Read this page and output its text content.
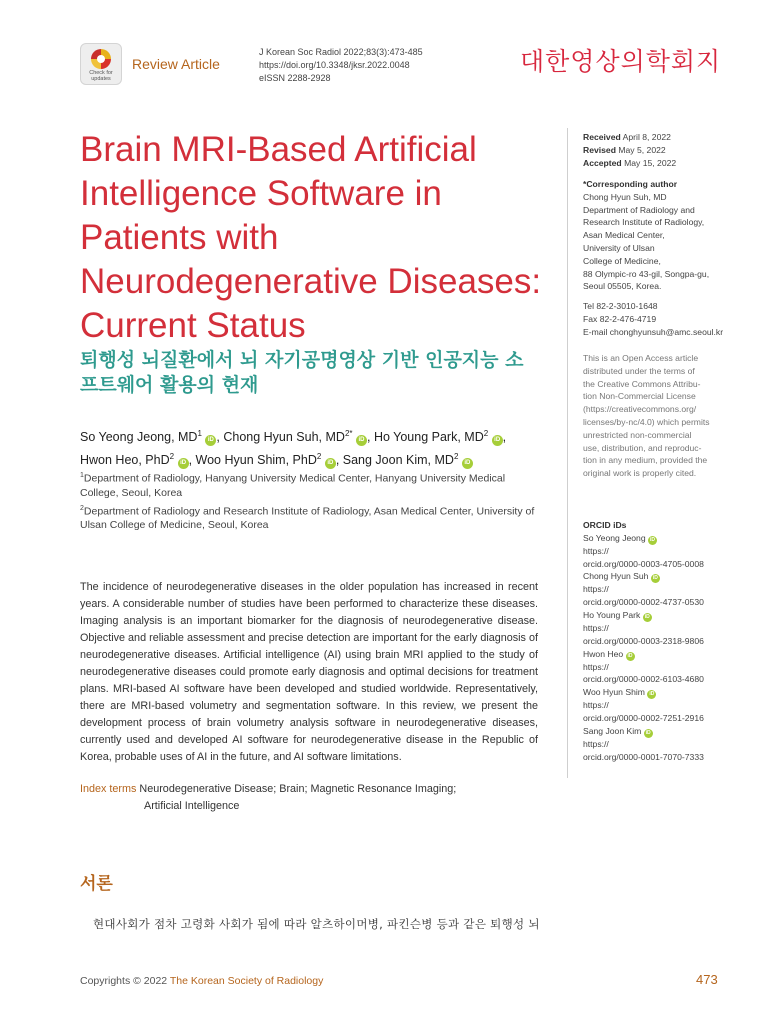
Check for updates
Review Article
J Korean Soc Radiol 2022;83(3):473-485
https://doi.org/10.3348/jksr.2022.0048
eISSN 2288-2928
대한영상의학회지
Brain MRI-Based Artificial Intelligence Software in Patients with Neurodegenerative Diseases: Current Status
퇴행성 뇌질환에서 뇌 자기공명영상 기반 인공지능 소프트웨어 활용의 현재
So Yeong Jeong, $MD^1$ iD , Chong Hyun Suh, $MD^{2*}$ iD , Ho Young Park, $MD^2$ iD ,
Hwon Heo, PhD$^2$ iD , Woo Hyun Shim, PhD$^2$ iD , Sang Joon Kim, $MD^2$ iD
$^1$Department of Radiology, Hanyang University Medical Center, Hanyang University Medical College, Seoul, Korea
$^2$Department of Radiology and Research Institute of Radiology, Asan Medical Center, University of Ulsan College of Medicine, Seoul, Korea

The incidence of neurodegenerative diseases in the older population has increased in recent years. A considerable number of studies have been performed to characterize these diseases. Imaging analysis is an important biomarker for the diagnosis of neurodegenerative disease. Objective and reliable assessment and precise detection are important for the early diagnosis of neurodegenerative diseases. Artificial intelligence (AI) using brain MRI applied to the study of neurodegenerative diseases could promote early diagnosis and optimal decisions for treatment plans. MRI-based AI software have been developed and studied worldwide. Representatively, there are MRI-based volumetry and segmentation software. In this review, we present the development process of brain volumetry analysis software in neurodegenerative diseases, currently used and developed AI software for neurodegenerative disease in the Republic of Korea, probable uses of AI in the future, and AI software limitations.

Index terms Neurodegenerative Disease; Brain; Magnetic Resonance Imaging;
Artificial Intelligence
서론
현대사회가 점차 고령화 사회가 됨에 따라 알츠하이머병, 파킨슨병 등과 같은 퇴행성 뇌
Copyrights © 2022 The Korean Society of Radiology	473
Received April 8, 2022
Revised May 5, 2022
Accepted May 15, 2022
*Corresponding author
Chong Hyun Suh, MD
Department of Radiology and
Research Institute of Radiology,
Asan Medical Center,
University of Ulsan
College of Medicine,
88 Olympic-ro 43-gil, Songpa-gu,
Seoul 05505, Korea.
Tel 82-2-3010-1648
Fax 82-2-476-4719
E-mail chonghyunsuh@amc.seoul.kr
This is an Open Access article
distributed under the terms of
the Creative Commons Attribu-
tion Non-Commercial License
(https://creativecommons.org/
licenses/by-nc/4.0) which permits
unrestricted non-commercial
use, distribution, and reproduc-
tion in any medium, provided the
original work is properly cited.
ORCID iDs
So Yeong Jeong iD
https://
orcid.org/0000-0003-4705-0008
Chong Hyun Suh iD
https://
orcid.org/0000-0002-4737-0530
Ho Young Park iD
https://
orcid.org/0000-0003-2318-9806
Hwon Heo iD
https://
orcid.org/0000-0002-6103-4680
Woo Hyun Shim iD
https://
orcid.org/0000-0002-7251-2916
Sang Joon Kim iD
https://
orcid.org/0000-0001-7070-7333
